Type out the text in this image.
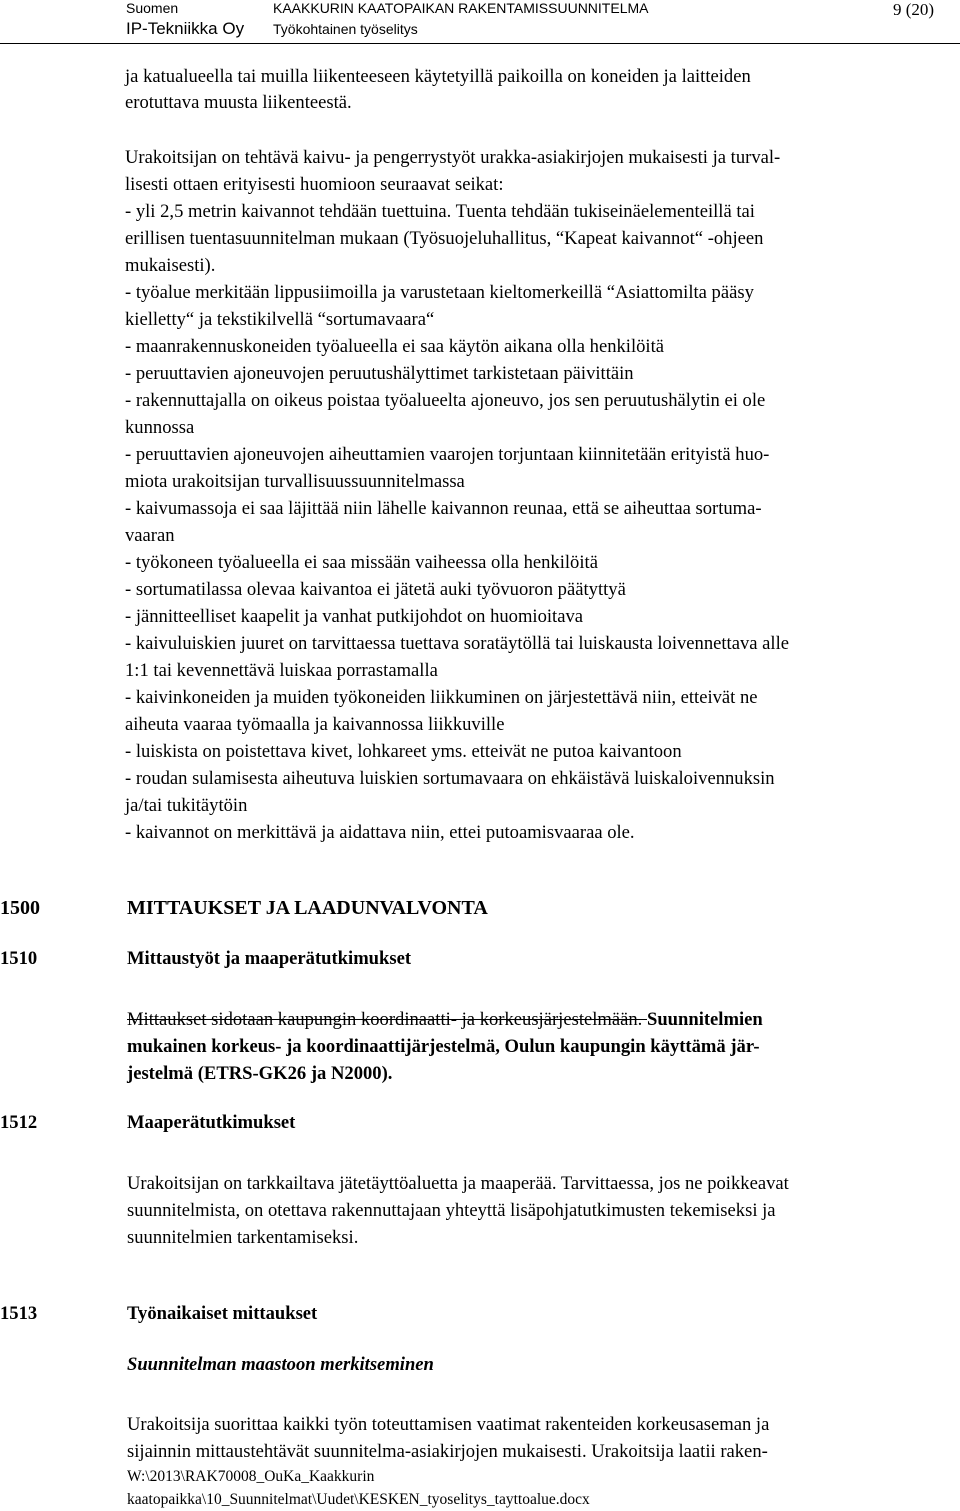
Suomen
IP-Tekniikka Oy
KAAKKURIN KAATOPAIKAN RAKENTAMISSUUNNITELMA
Työkohtainen työselitys
9 (20)
ja katualueella tai muilla liikenteeseen käytetyillä paikoilla on koneiden ja laitteiden
erotuttava muusta liikenteestä.
Urakoitsijan on tehtävä kaivu- ja pengerrystyöt urakka-asiakirjojen mukaisesti ja turval-
lisesti ottaen erityisesti huomioon seuraavat seikat:
- yli 2,5 metrin kaivannot tehdään tuettuina. Tuenta tehdään tukiseinäelementeillä tai
erillisen tuentasuunnitelman mukaan (Työsuojeluhallitus, “Kapeat kaivannot“ -ohjeen
mukaisesti).
- työalue merkitään lippusiimoilla ja varustetaan kieltomerkeillä “Asiattomilta pääsy
kielletty“ ja tekstikilvellä “sortumavaara“
- maanrakennuskoneiden työalueella ei saa käytön aikana olla henkilöitä
- peruuttavien ajoneuvojen peruutushälyttimet tarkistetaan päivittäin
- rakennuttajalla on oikeus poistaa työalueelta ajoneuvo, jos sen peruutushälytin ei ole
kunnossa
- peruuttavien ajoneuvojen aiheuttamien vaarojen torjuntaan kiinnitetään erityistä huo-
miota urakoitsijan turvallisuussuunnitelmassa
- kaivumassoja ei saa läjittää niin lähelle kaivannon reunaa, että se aiheuttaa sortuma-
vaaran
- työkoneen työalueella ei saa missään vaiheessa olla henkilöitä
- sortumatilassa olevaa kaivantoa ei jätetä auki työvuoron päätyttyä
- jännitteelliset kaapelit ja vanhat putkijohdot on huomioitava
- kaivuluiskien juuret on tarvittaessa tuettava soratäytöllä tai luiskausta loivennettava alle
1:1 tai kevennettävä luiskaa porrastamalla
- kaivinkoneiden ja muiden työkoneiden liikkuminen on järjestettävä niin, etteivät ne
aiheuta vaaraa työmaalla ja kaivannossa liikkuville
- luiskista on poistettava kivet, lohkareet yms. etteivät ne putoa kaivantoon
- roudan sulamisesta aiheutuva luiskien sortumavaara on ehkäistävä luiskaloivennuksin
ja/tai tukitäytöin
- kaivannot on merkittävä ja aidattava niin, ettei putoamisvaaraa ole.
1500	MITTAUKSET JA LAADUNVALVONTA
1510	Mittaustyöt ja maaperätutkimukset
Mittaukset sidotaan kaupungin koordinaatti- ja korkeusjärjestelmään. Suunnitelmien
mukainen korkeus- ja koordinaattijärjestelmä, Oulun kaupungin käyttämä jär-
jestelmä (ETRS-GK26 ja N2000).
1512	Maaperätutkimukset
Urakoitsijan on tarkkailtava jätetäyttöaluetta ja maaperää. Tarvittaessa, jos ne poikkeavat
suunnitelmista, on otettava rakennuttajaan yhteyttä lisäpohjatutkimusten tekemiseksi ja
suunnitelmien tarkentamiseksi.
1513	Työnaikaiset mittaukset
Suunnitelman maastoon merkitseminen
Urakoitsija suorittaa kaikki työn toteuttamisen vaatimat rakenteiden korkeusaseman ja
sijainnin mittaustehtävät suunnitelma-asiakirjojen mukaisesti. Urakoitsija laatii raken-
W:\2013\RAK70008_OuKa_Kaakkurin
kaatopaikka\10_Suunnitelmat\Uudet\KESKEN_tyoselitys_tayttoalue.docx
